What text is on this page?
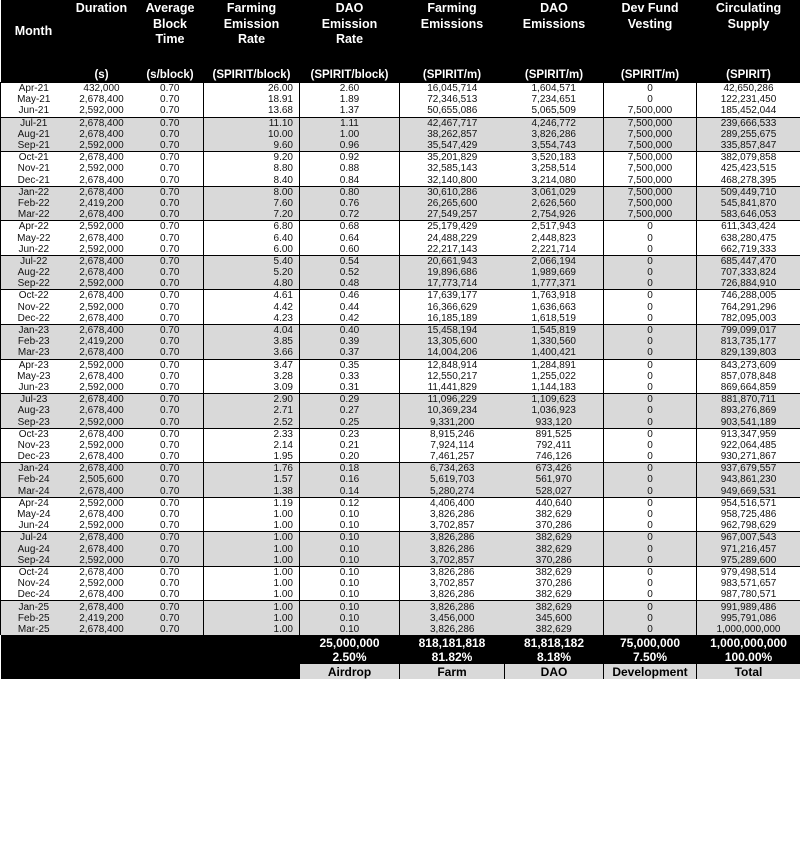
Month	Duration	Average Block Time	Farming Emission Rate	DAO Emission Rate	Farming Emissions	DAO Emissions	Dev Fund Vesting	Circulating Supply

	(s)	(s/block)	(SPIRIT/block)	(SPIRIT/block)	(SPIRIT/m)	(SPIRIT/m)	(SPIRIT/m)	(SPIRIT)
Apr-21	432,000	0.70	26.00	2.60	16,045,714	1,604,571	0	42,650,286
May-21	2,678,400	0.70	18.91	1.89	72,346,513	7,234,651	0	122,231,450
Jun-21	2,592,000	0.70	13.68	1.37	50,655,086	5,065,509	7,500,000	185,452,044
Jul-21	2,678,400	0.70	11.10	1.11	42,467,717	4,246,772	7,500,000	239,666,533
Aug-21	2,678,400	0.70	10.00	1.00	38,262,857	3,826,286	7,500,000	289,255,675
Sep-21	2,592,000	0.70	9.60	0.96	35,547,429	3,554,743	7,500,000	335,857,847
Oct-21	2,678,400	0.70	9.20	0.92	35,201,829	3,520,183	7,500,000	382,079,858
Nov-21	2,592,000	0.70	8.80	0.88	32,585,143	3,258,514	7,500,000	425,423,515
Dec-21	2,678,400	0.70	8.40	0.84	32,140,800	3,214,080	7,500,000	468,278,395
Jan-22	2,678,400	0.70	8.00	0.80	30,610,286	3,061,029	7,500,000	509,449,710
Feb-22	2,419,200	0.70	7.60	0.76	26,265,600	2,626,560	7,500,000	545,841,870
Mar-22	2,678,400	0.70	7.20	0.72	27,549,257	2,754,926	7,500,000	583,646,053
Apr-22	2,592,000	0.70	6.80	0.68	25,179,429	2,517,943	0	611,343,424
May-22	2,678,400	0.70	6.40	0.64	24,488,229	2,448,823	0	638,280,475
Jun-22	2,592,000	0.70	6.00	0.60	22,217,143	2,221,714	0	662,719,333
Jul-22	2,678,400	0.70	5.40	0.54	20,661,943	2,066,194	0	685,447,470
Aug-22	2,678,400	0.70	5.20	0.52	19,896,686	1,989,669	0	707,333,824
Sep-22	2,592,000	0.70	4.80	0.48	17,773,714	1,777,371	0	726,884,910
Oct-22	2,678,400	0.70	4.61	0.46	17,639,177	1,763,918	0	746,288,005
Nov-22	2,592,000	0.70	4.42	0.44	16,366,629	1,636,663	0	764,291,296
Dec-22	2,678,400	0.70	4.23	0.42	16,185,189	1,618,519	0	782,095,003
Jan-23	2,678,400	0.70	4.04	0.40	15,458,194	1,545,819	0	799,099,017
Feb-23	2,419,200	0.70	3.85	0.39	13,305,600	1,330,560	0	813,735,177
Mar-23	2,678,400	0.70	3.66	0.37	14,004,206	1,400,421	0	829,139,803
Apr-23	2,592,000	0.70	3.47	0.35	12,848,914	1,284,891	0	843,273,609
May-23	2,678,400	0.70	3.28	0.33	12,550,217	1,255,022	0	857,078,848
Jun-23	2,592,000	0.70	3.09	0.31	11,441,829	1,144,183	0	869,664,859
Jul-23	2,678,400	0.70	2.90	0.29	11,096,229	1,109,623	0	881,870,711
Aug-23	2,678,400	0.70	2.71	0.27	10,369,234	1,036,923	0	893,276,869
Sep-23	2,592,000	0.70	2.52	0.25	9,331,200	933,120	0	903,541,189
Oct-23	2,678,400	0.70	2.33	0.23	8,915,246	891,525	0	913,347,959
Nov-23	2,592,000	0.70	2.14	0.21	7,924,114	792,411	0	922,064,485
Dec-23	2,678,400	0.70	1.95	0.20	7,461,257	746,126	0	930,271,867
Jan-24	2,678,400	0.70	1.76	0.18	6,734,263	673,426	0	937,679,557
Feb-24	2,505,600	0.70	1.57	0.16	5,619,703	561,970	0	943,861,230
Mar-24	2,678,400	0.70	1.38	0.14	5,280,274	528,027	0	949,669,531
Apr-24	2,592,000	0.70	1.19	0.12	4,406,400	440,640	0	954,516,571
May-24	2,678,400	0.70	1.00	0.10	3,826,286	382,629	0	958,725,486
Jun-24	2,592,000	0.70	1.00	0.10	3,702,857	370,286	0	962,798,629
Jul-24	2,678,400	0.70	1.00	0.10	3,826,286	382,629	0	967,007,543
Aug-24	2,678,400	0.70	1.00	0.10	3,826,286	382,629	0	971,216,457
Sep-24	2,592,000	0.70	1.00	0.10	3,702,857	370,286	0	975,289,600
Oct-24	2,678,400	0.70	1.00	0.10	3,826,286	382,629	0	979,498,514
Nov-24	2,592,000	0.70	1.00	0.10	3,702,857	370,286	0	983,571,657
Dec-24	2,678,400	0.70	1.00	0.10	3,826,286	382,629	0	987,780,571
Jan-25	2,678,400	0.70	1.00	0.10	3,826,286	382,629	0	991,989,486
Feb-25	2,419,200	0.70	1.00	0.10	3,456,000	345,600	0	995,791,086
Mar-25	2,678,400	0.70	1.00	0.10	3,826,286	382,629	0	1,000,000,000
				25,000,000	818,181,818	81,818,182	75,000,000	1,000,000,000
				2.50%	81.82%	8.18%	7.50%	100.00%
				Airdrop	Farm	DAO	Development	Total
